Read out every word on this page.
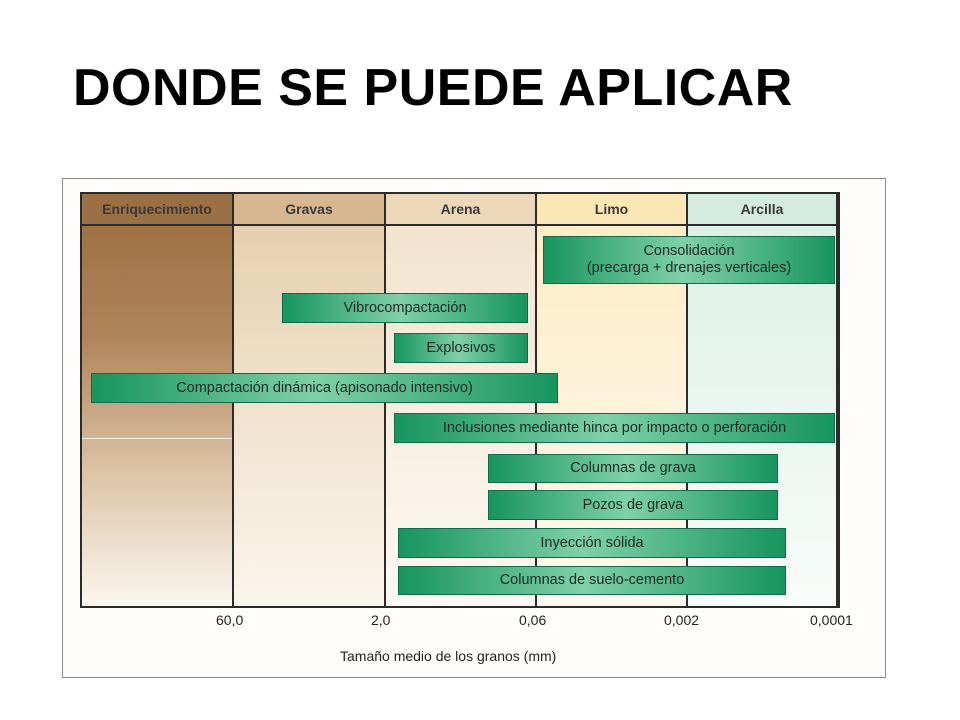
DONDE SE PUEDE APLICAR
Enriquecimiento	Gravas	Arena	Limo	Arcilla
Consolidación
(precarga + drenajes verticales)
Vibrocompactación
Explosivos
Compactación dinámica (apisonado intensivo)
Inclusiones mediante hinca por impacto o perforación
Columnas de grava
Pozos de grava
Inyección sólida
Columnas de suelo-cemento
60,0	2,0	0,06	0,002	0,0001
Tamaño medio de los granos (mm)
